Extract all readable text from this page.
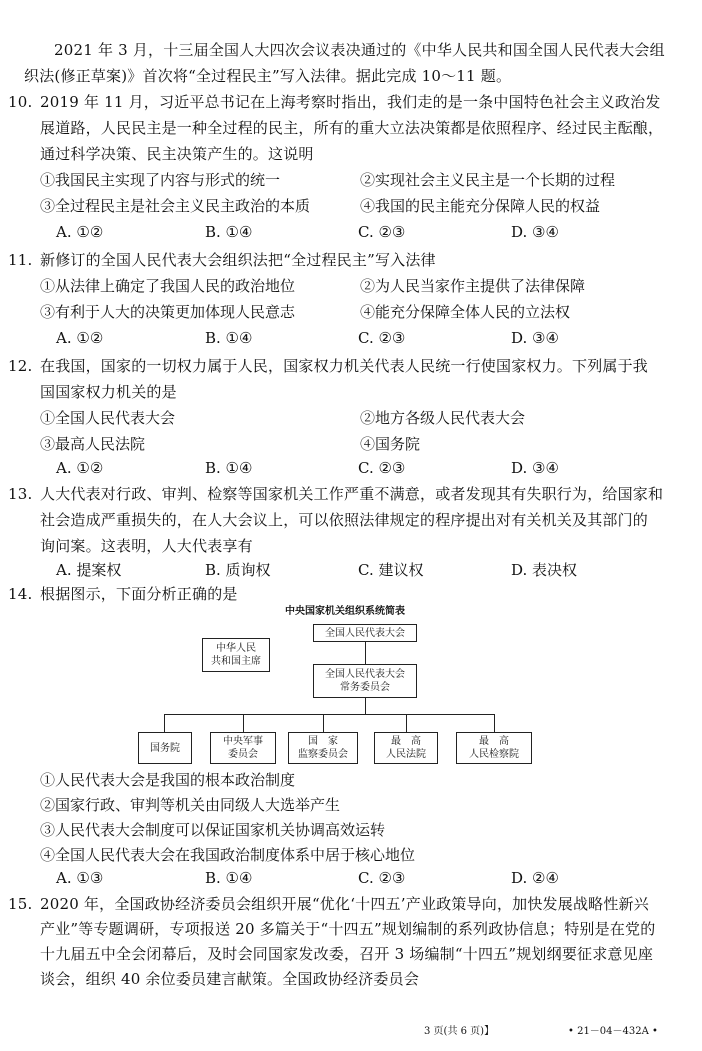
2021 年 3 月，十三届全国人大四次会议表决通过的《中华人民共和国全国人民代表大会组
织法(修正草案)》首次将“全过程民主”写入法律。据此完成 10～11 题。
10. 2019 年 11 月，习近平总书记在上海考察时指出，我们走的是一条中国特色社会主义政治发
展道路，人民民主是一种全过程的民主，所有的重大立法决策都是依照程序、经过民主酝酿，
通过科学决策、民主决策产生的。这说明
①我国民主实现了内容与形式的统一	②实现社会主义民主是一个长期的过程
③全过程民主是社会主义民主政治的本质	④我国的民主能充分保障人民的权益
A. ①②	B. ①④	C. ②③	D. ③④
11. 新修订的全国人民代表大会组织法把“全过程民主”写入法律
①从法律上确定了我国人民的政治地位	②为人民当家作主提供了法律保障
③有利于人大的决策更加体现人民意志	④能充分保障全体人民的立法权
A. ①②	B. ①④	C. ②③	D. ③④
12. 在我国，国家的一切权力属于人民，国家权力机关代表人民统一行使国家权力。下列属于我
国国家权力机关的是
①全国人民代表大会	②地方各级人民代表大会
③最高人民法院	④国务院
A. ①②	B. ①④	C. ②③	D. ③④
13. 人大代表对行政、审判、检察等国家机关工作严重不满意，或者发现其有失职行为，给国家和
社会造成严重损失的，在人大会议上，可以依照法律规定的程序提出对有关机关及其部门的
询问案。这表明，人大代表享有
A. 提案权	B. 质询权	C. 建议权	D. 表决权
14. 根据图示，下面分析正确的是
中央国家机关组织系统简表
全国人民代表大会
全国人民代表大会
常务委员会
中华人民
共和国主席
国务院
中央军事
委员会
国　家
监察委员会
最　高
人民法院
最　高
人民检察院
①人民代表大会是我国的根本政治制度
②国家行政、审判等机关由同级人大选举产生
③人民代表大会制度可以保证国家机关协调高效运转
④全国人民代表大会在我国政治制度体系中居于核心地位
A. ①③	B. ①④	C. ②③	D. ②④
15. 2020 年，全国政协经济委员会组织开展“优化‘十四五’产业政策导向，加快发展战略性新兴
产业”等专题调研，专项报送 20 多篇关于“十四五”规划编制的系列政协信息；特别是在党的
十九届五中全会闭幕后，及时会同国家发改委，召开 3 场编制“十四五”规划纲要征求意见座
谈会，组织 40 余位委员建言献策。全国政协经济委员会
3 页(共 6 页)】	• 21－04－432A •
